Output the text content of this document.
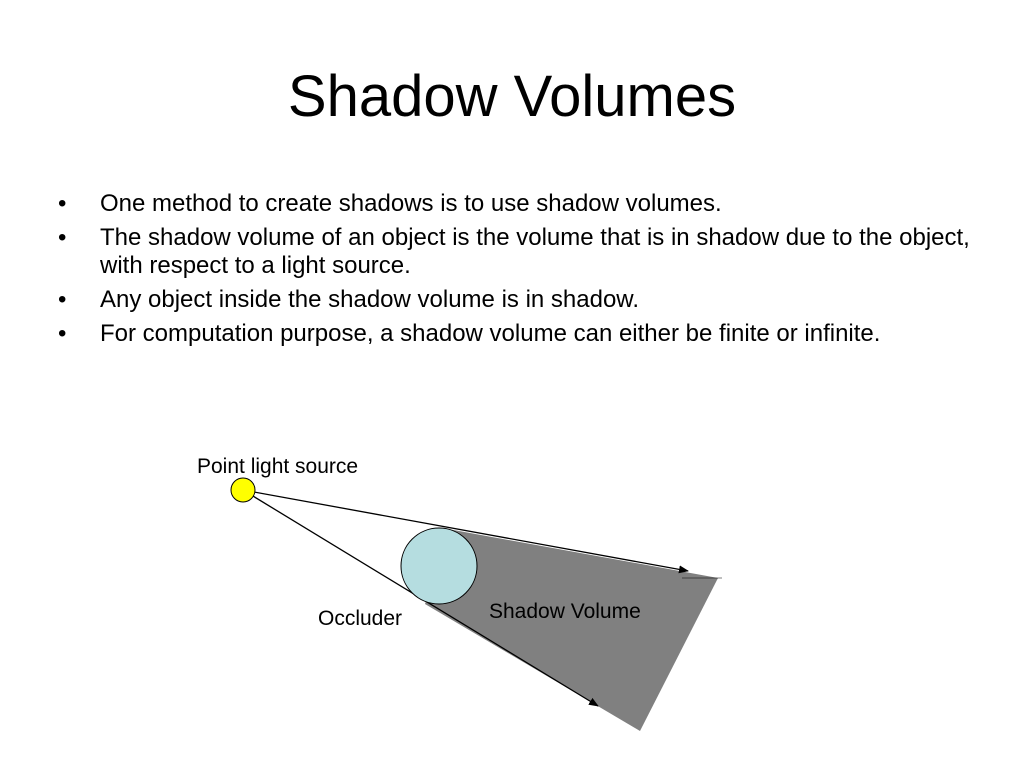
Shadow Volumes
• One method to create shadows is to use shadow volumes.
• The shadow volume of an object is the volume that is in shadow due to the object, with respect to a light source.
• Any object inside the shadow volume is in shadow.
• For computation purpose, a shadow volume can either be finite or infinite.
Point light source
Occluder	Shadow Volume
